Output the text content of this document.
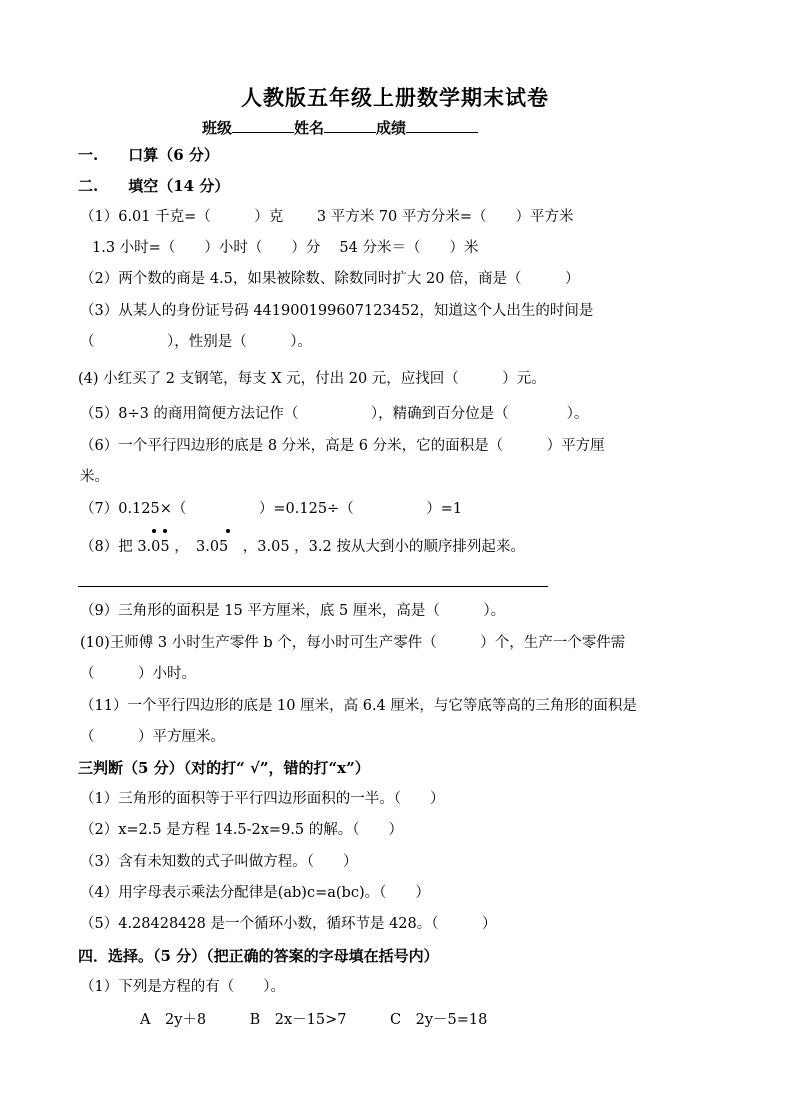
人教版五年级上册数学期末试卷
班级	姓名	成绩
一.　　口算（6 分）
二.　　填空（14 分）
（1）6.01 千克=（　　　）克　　 3 平方米 70 平方分米=（　　）平方米
1.3 小时=（　　）小时（　　）分　 54 分米＝（　　）米
（2）两个数的商是 4.5，如果被除数、除数同时扩大 20 倍，商是（　　　）
（3）从某人的身份证号码 441900199607123452，知道这个人出生的时间是
（　　　　　），性别是（　　　）。
(4) 小红买了 2 支钢笔，每支 X 元，付出 20 元，应找回（　　　）元。
（5）8÷3 的商用简便方法记作（　　　　　），精确到百分位是（　　　　）。
（6）一个平行四边形的底是 8 分米，高是 6 分米，它的面积是（　　　）平方厘
米。
（7）0.125×（　　　　　）=0.125÷（　　　　　）=1
（8）把 3.05 ，　3.05　，3.05 ，3.2 按从大到小的顺序排列起来。
（9）三角形的面积是 15 平方厘米，底 5 厘米，高是（　　　）。
(10)王师傅 3 小时生产零件 b 个，每小时可生产零件（　　　）个，生产一个零件需
（　　　）小时。
（11）一个平行四边形的底是 10 厘米，高 6.4 厘米，与它等底等高的三角形的面积是
（　　　）平方厘米。
三判断（5 分）（对的打“ √”，错的打“x”）
（1）三角形的面积等于平行四边形面积的一半。（　　）
（2）x=2.5 是方程 14.5-2x=9.5 的解。（　　）
（3）含有未知数的式子叫做方程。（　　）
（4）用字母表示乘法分配律是(ab)c=a(bc)。（　　）
（5）4.28428428 是一个循环小数，循环节是 428。（　　　）
四．选择。（5 分）（把正确的答案的字母填在括号内）
（1）下列是方程的有（　　）。
A　2y＋8　　　B　2x－15>7　　　C　2y－5=18
